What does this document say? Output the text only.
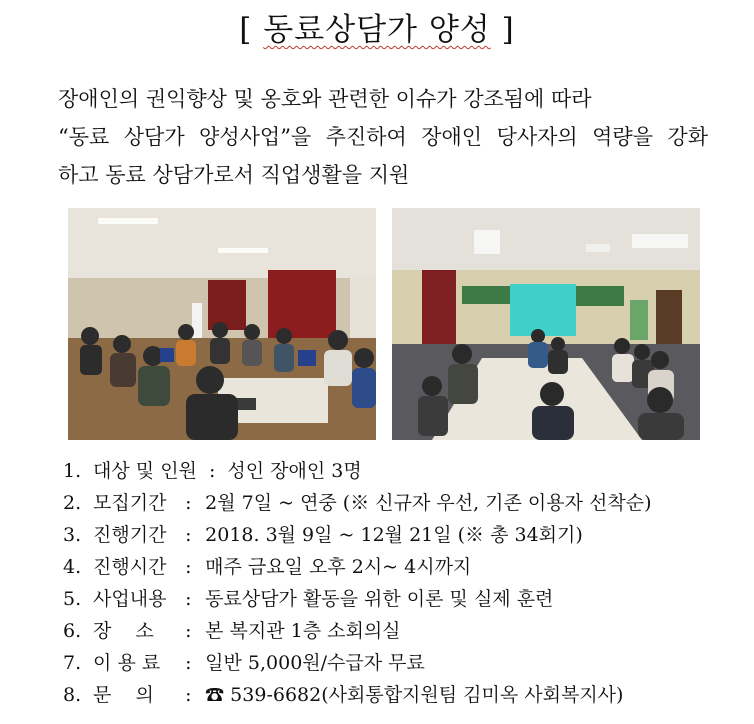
[ 동료상담가 양성 ]
장애인의 권익향상 및 옹호와 관련한 이슈가 강조됨에 따라
“동료 상담가 양성사업”을 추진하여 장애인 당사자의 역량을 강화
하고 동료 상담가로서 직업생활을 지원
1. 대상 및 인원 : 성인 장애인 3명
2. 모집기간 : 2월 7일 ~ 연중 (※ 신규자 우선, 기존 이용자 선착순)
3. 진행기간 : 2018. 3월 9일 ~ 12월 21일 (※ 총 34회기)
4. 진행시간 : 매주 금요일 오후 2시~ 4시까지
5. 사업내용 : 동료상담가 활동을 위한 이론 및 실제 훈련
6. 장    소 : 본 복지관 1층 소회의실
7. 이 용 료 : 일반 5,000원/수급자 무료
8. 문    의 : ☎ 539-6682(사회통합지원팀 김미옥 사회복지사)
